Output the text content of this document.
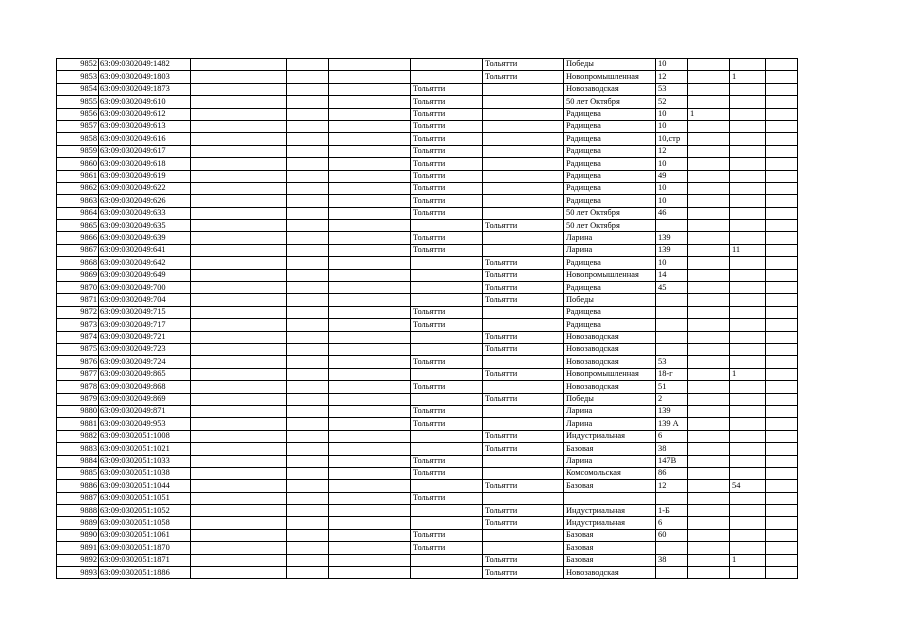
9852	63:09:0302049:1482					Тольятти	Победы	10			
9853	63:09:0302049:1803					Тольятти	Новопромышленная	12		1	
9854	63:09:0302049:1873				Тольятти		Новозаводская	53			
9855	63:09:0302049:610				Тольятти		50 лет Октября	52			
9856	63:09:0302049:612				Тольятти		Радищева	10	1		
9857	63:09:0302049:613				Тольятти		Радищева	10			
9858	63:09:0302049:616				Тольятти		Радищева	10,стр			
9859	63:09:0302049:617				Тольятти		Радищева	12			
9860	63:09:0302049:618				Тольятти		Радищева	10			
9861	63:09:0302049:619				Тольятти		Радищева	49			
9862	63:09:0302049:622				Тольятти		Радищева	10			
9863	63:09:0302049:626				Тольятти		Радищева	10			
9864	63:09:0302049:633				Тольятти		50 лет Октября	46			
9865	63:09:0302049:635					Тольятти	50 лет Октября				
9866	63:09:0302049:639				Тольятти		Ларина	139			
9867	63:09:0302049:641				Тольятти		Ларина	139		11	
9868	63:09:0302049:642					Тольятти	Радищева	10			
9869	63:09:0302049:649					Тольятти	Новопромышленная	14			
9870	63:09:0302049:700					Тольятти	Радищева	45			
9871	63:09:0302049:704					Тольятти	Победы				
9872	63:09:0302049:715				Тольятти		Радищева				
9873	63:09:0302049:717				Тольятти		Радищева				
9874	63:09:0302049:721					Тольятти	Новозаводская				
9875	63:09:0302049:723					Тольятти	Новозаводская				
9876	63:09:0302049:724				Тольятти		Новозаводская	53			
9877	63:09:0302049:865					Тольятти	Новопромышленная	18-г		1	
9878	63:09:0302049:868				Тольятти		Новозаводская	51			
9879	63:09:0302049:869					Тольятти	Победы	2			
9880	63:09:0302049:871				Тольятти		Ларина	139			
9881	63:09:0302049:953				Тольятти		Ларина	139 А			
9882	63:09:0302051:1008					Тольятти	Индустриальная	6			
9883	63:09:0302051:1021					Тольятти	Базовая	38			
9884	63:09:0302051:1033				Тольятти		Ларина	147В			
9885	63:09:0302051:1038				Тольятти		Комсомольская	86			
9886	63:09:0302051:1044					Тольятти	Базовая	12		54	
9887	63:09:0302051:1051				Тольятти						
9888	63:09:0302051:1052					Тольятти	Индустриальная	1-Б			
9889	63:09:0302051:1058					Тольятти	Индустриальная	6			
9890	63:09:0302051:1061				Тольятти		Базовая	60			
9891	63:09:0302051:1870				Тольятти		Базовая				
9892	63:09:0302051:1871					Тольятти	Базовая	38		1	
9893	63:09:0302051:1886					Тольятти	Новозаводская				
